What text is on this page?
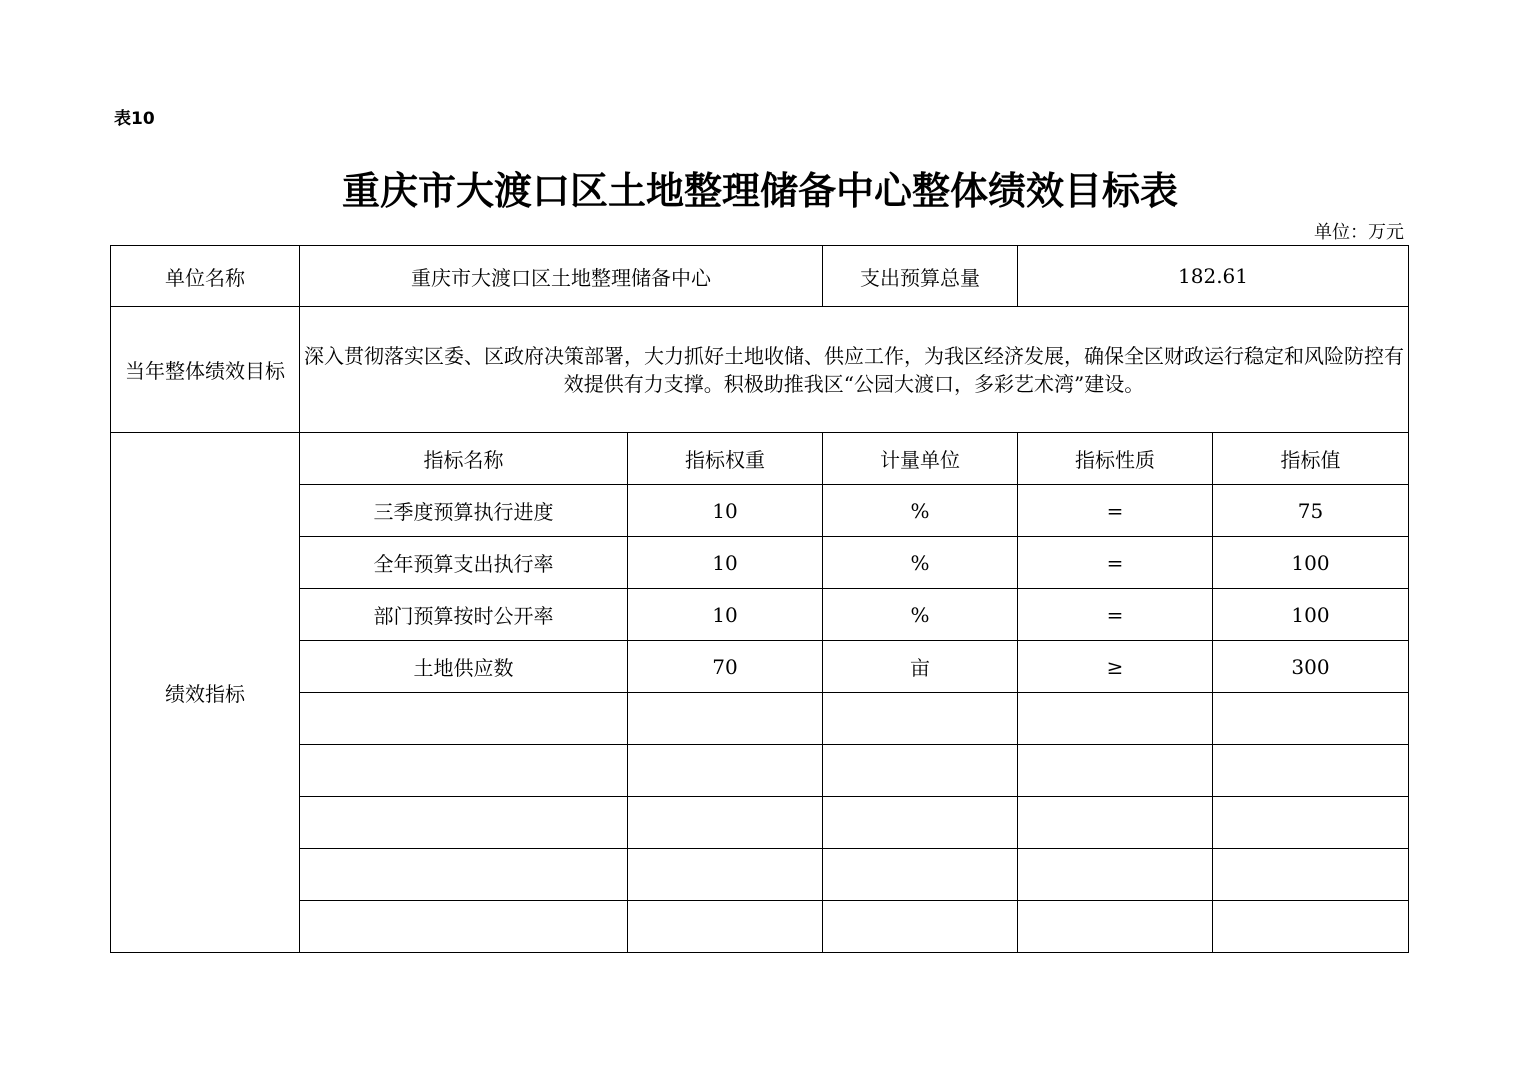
表10
重庆市大渡口区土地整理储备中心整体绩效目标表
单位：万元
单位名称	重庆市大渡口区土地整理储备中心		支出预算总量	182.61	
当年整体绩效目标	深入贯彻落实区委、区政府决策部署，大力抓好土地收储、供应工作，为我区经济发展，确保全区财政运行稳定和风险防控有效提供有力支撑。积极助推我区“公园大渡口，多彩艺术湾”建设。				
绩效指标	指标名称	指标权重	计量单位	指标性质	指标值
	三季度预算执行进度	10	%	=	75
	全年预算支出执行率	10	%	=	100
	部门预算按时公开率	10	%	=	100
	土地供应数	70	亩	≥	300
